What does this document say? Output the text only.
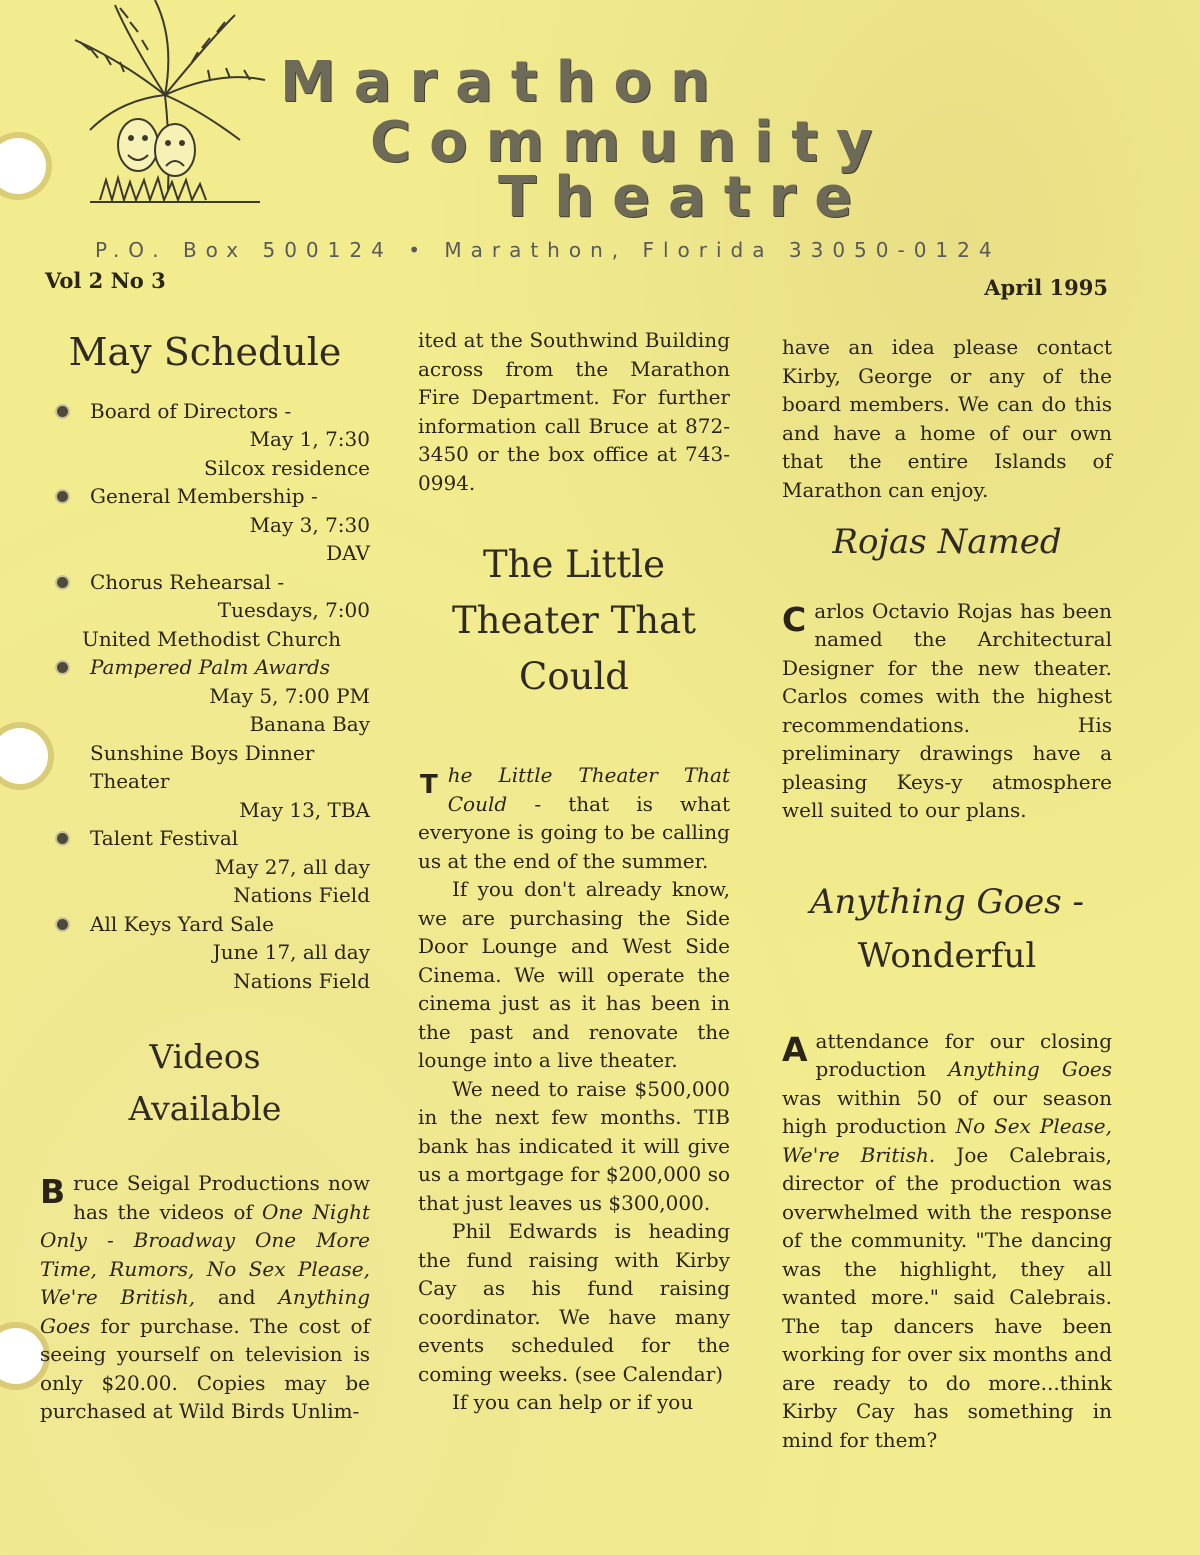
Marathon
Community
Theatre
P.O. Box 500124 • Marathon, Florida 33050-0124
Vol 2 No 3	April 1995
May Schedule
Board of Directors -
May 1, 7:30
Silcox residence
General Membership -
May 3, 7:30
DAV
Chorus Rehearsal -
Tuesdays, 7:00
United Methodist Church
Pampered Palm Awards
May 5, 7:00 PM
Banana Bay
Sunshine Boys Dinner Theater
May 13, TBA
Talent Festival
May 27, all day
Nations Field
All Keys Yard Sale
June 17, all day
Nations Field
Videos
Available

Bruce Seigal Productions now has the videos of One Night Only - Broadway One More Time, Rumors, No Sex Please, We're British, and Anything Goes for purchase. The cost of seeing yourself on television is only $20.00. Copies may be purchased at Wild Birds Unlim-

ited at the Southwind Building across from the Marathon Fire Department. For further information call Bruce at 872-3450 or the box office at 743-0994.

The Little
Theater That
Could

T he Little Theater That Could - that is what everyone is going to be calling us at the end of the summer.

If you don't already know, we are purchasing the Side Door Lounge and West Side Cinema. We will operate the cinema just as it has been in the past and renovate the lounge into a live theater.

We need to raise $500,000 in the next few months. TIB bank has indicated it will give us a mortgage for $200,000 so that just leaves us $300,000.

Phil Edwards is heading the fund raising with Kirby Cay as his fund raising coordinator. We have many events scheduled for the coming weeks. (see Calendar)

If you can help or if you

have an idea please contact Kirby, George or any of the board members. We can do this and have a home of our own that the entire Islands of Marathon can enjoy.

Rojas Named

Carlos Octavio Rojas has been named the Architectural Designer for the new theater. Carlos comes with the highest recommendations. His preliminary drawings have a pleasing Keys-y atmosphere well suited to our plans.

Anything Goes -
Wonderful

Aattendance for our closing production Anything Goes was within 50 of our season high production No Sex Please, We're British. Joe Calebrais, director of the production was overwhelmed with the response of the community. "The dancing was the highlight, they all wanted more." said Calebrais. The tap dancers have been working for over six months and are ready to do more...think Kirby Cay has something in mind for them?
